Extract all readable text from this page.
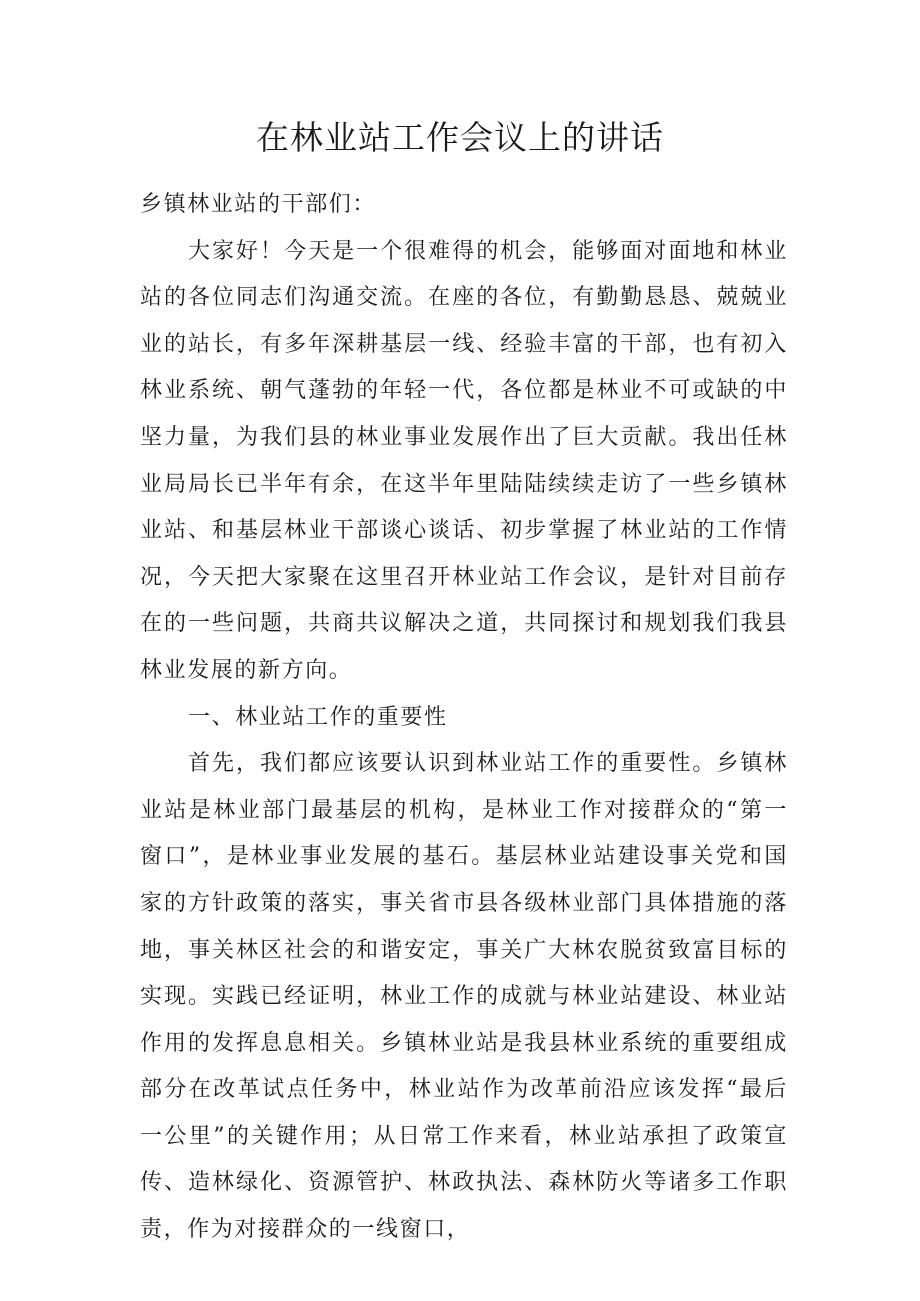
在林业站工作会议上的讲话

乡镇林业站的干部们：

大家好！今天是一个很难得的机会，能够面对面地和林业站的各位同志们沟通交流。在座的各位，有勤勤恳恳、兢兢业业的站长，有多年深耕基层一线、经验丰富的干部，也有初入林业系统、朝气蓬勃的年轻一代，各位都是林业不可或缺的中坚力量，为我们县的林业事业发展作出了巨大贡献。我出任林业局局长已半年有余，在这半年里陆陆续续走访了一些乡镇林业站、和基层林业干部谈心谈话、初步掌握了林业站的工作情况，今天把大家聚在这里召开林业站工作会议，是针对目前存在的一些问题，共商共议解决之道，共同探讨和规划我们我县林业发展的新方向。

一、林业站工作的重要性

首先，我们都应该要认识到林业站工作的重要性。乡镇林业站是林业部门最基层的机构，是林业工作对接群众的“第一窗口”，是林业事业发展的基石。基层林业站建设事关党和国家的方针政策的落实，事关省市县各级林业部门具体措施的落地，事关林区社会的和谐安定，事关广大林农脱贫致富目标的实现。实践已经证明，林业工作的成就与林业站建设、林业站作用的发挥息息相关。乡镇林业站是我县林业系统的重要组成部分在改革试点任务中，林业站作为改革前沿应该发挥“最后一公里”的关键作用；从日常工作来看，林业站承担了政策宣传、造林绿化、资源管护、林政执法、森林防火等诸多工作职责，作为对接群众的一线窗口，
